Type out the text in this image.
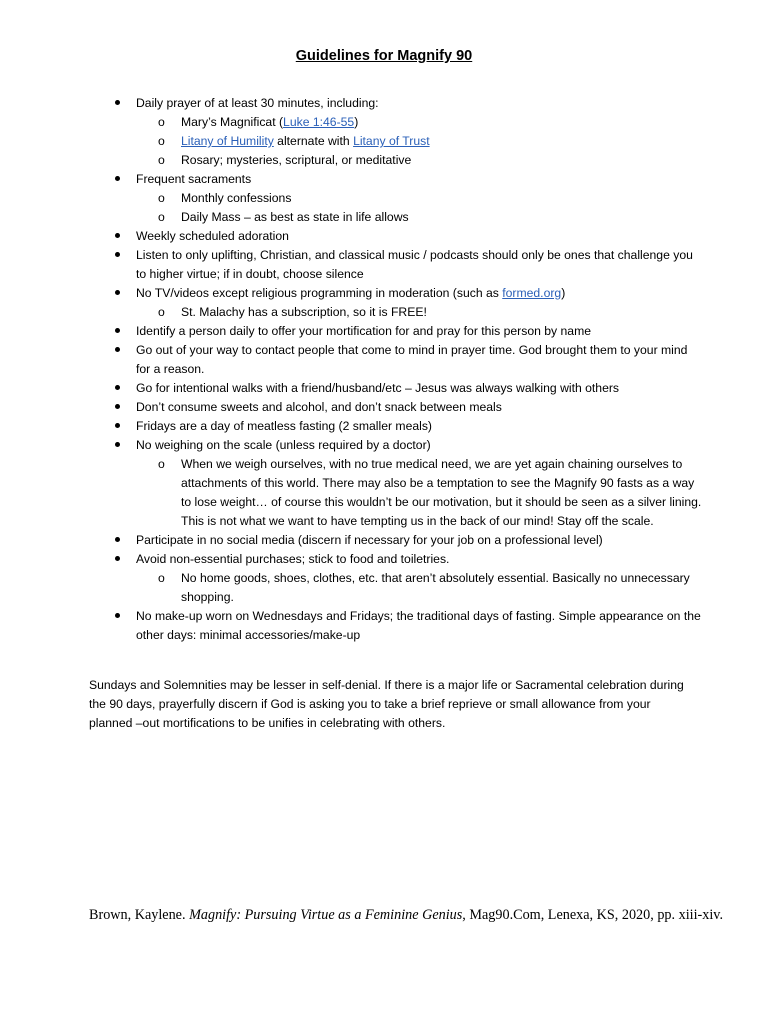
Guidelines for Magnify 90
Daily prayer of at least 30 minutes, including:
o Mary’s Magnificat (Luke 1:46-55)
o Litany of Humility alternate with Litany of Trust
o Rosary; mysteries, scriptural, or meditative
Frequent sacraments
o Monthly confessions
o Daily Mass – as best as state in life allows
Weekly scheduled adoration
Listen to only uplifting, Christian, and classical music / podcasts should only be ones that challenge you to higher virtue; if in doubt, choose silence
No TV/videos except religious programming in moderation (such as formed.org)
o St. Malachy has a subscription, so it is FREE!
Identify a person daily to offer your mortification for and pray for this person by name
Go out of your way to contact people that come to mind in prayer time. God brought them to your mind for a reason.
Go for intentional walks with a friend/husband/etc – Jesus was always walking with others
Don’t consume sweets and alcohol, and don’t snack between meals
Fridays are a day of meatless fasting (2 smaller meals)
No weighing on the scale (unless required by a doctor)
o When we weigh ourselves, with no true medical need, we are yet again chaining ourselves to attachments of this world. There may also be a temptation to see the Magnify 90 fasts as a way to lose weight… of course this wouldn’t be our motivation, but it should be seen as a silver lining. This is not what we want to have tempting us in the back of our mind! Stay off the scale.
Participate in no social media (discern if necessary for your job on a professional level)
Avoid non-essential purchases; stick to food and toiletries.
o No home goods, shoes, clothes, etc. that aren’t absolutely essential. Basically no unnecessary shopping.
No make-up worn on Wednesdays and Fridays; the traditional days of fasting. Simple appearance on the other days: minimal accessories/make-up
Sundays and Solemnities may be lesser in self-denial. If there is a major life or Sacramental celebration during the 90 days, prayerfully discern if God is asking you to take a brief reprieve or small allowance from your planned –out mortifications to be unifies in celebrating with others.
Brown, Kaylene. Magnify: Pursuing Virtue as a Feminine Genius, Mag90.Com, Lenexa, KS, 2020, pp. xiii-xiv.
